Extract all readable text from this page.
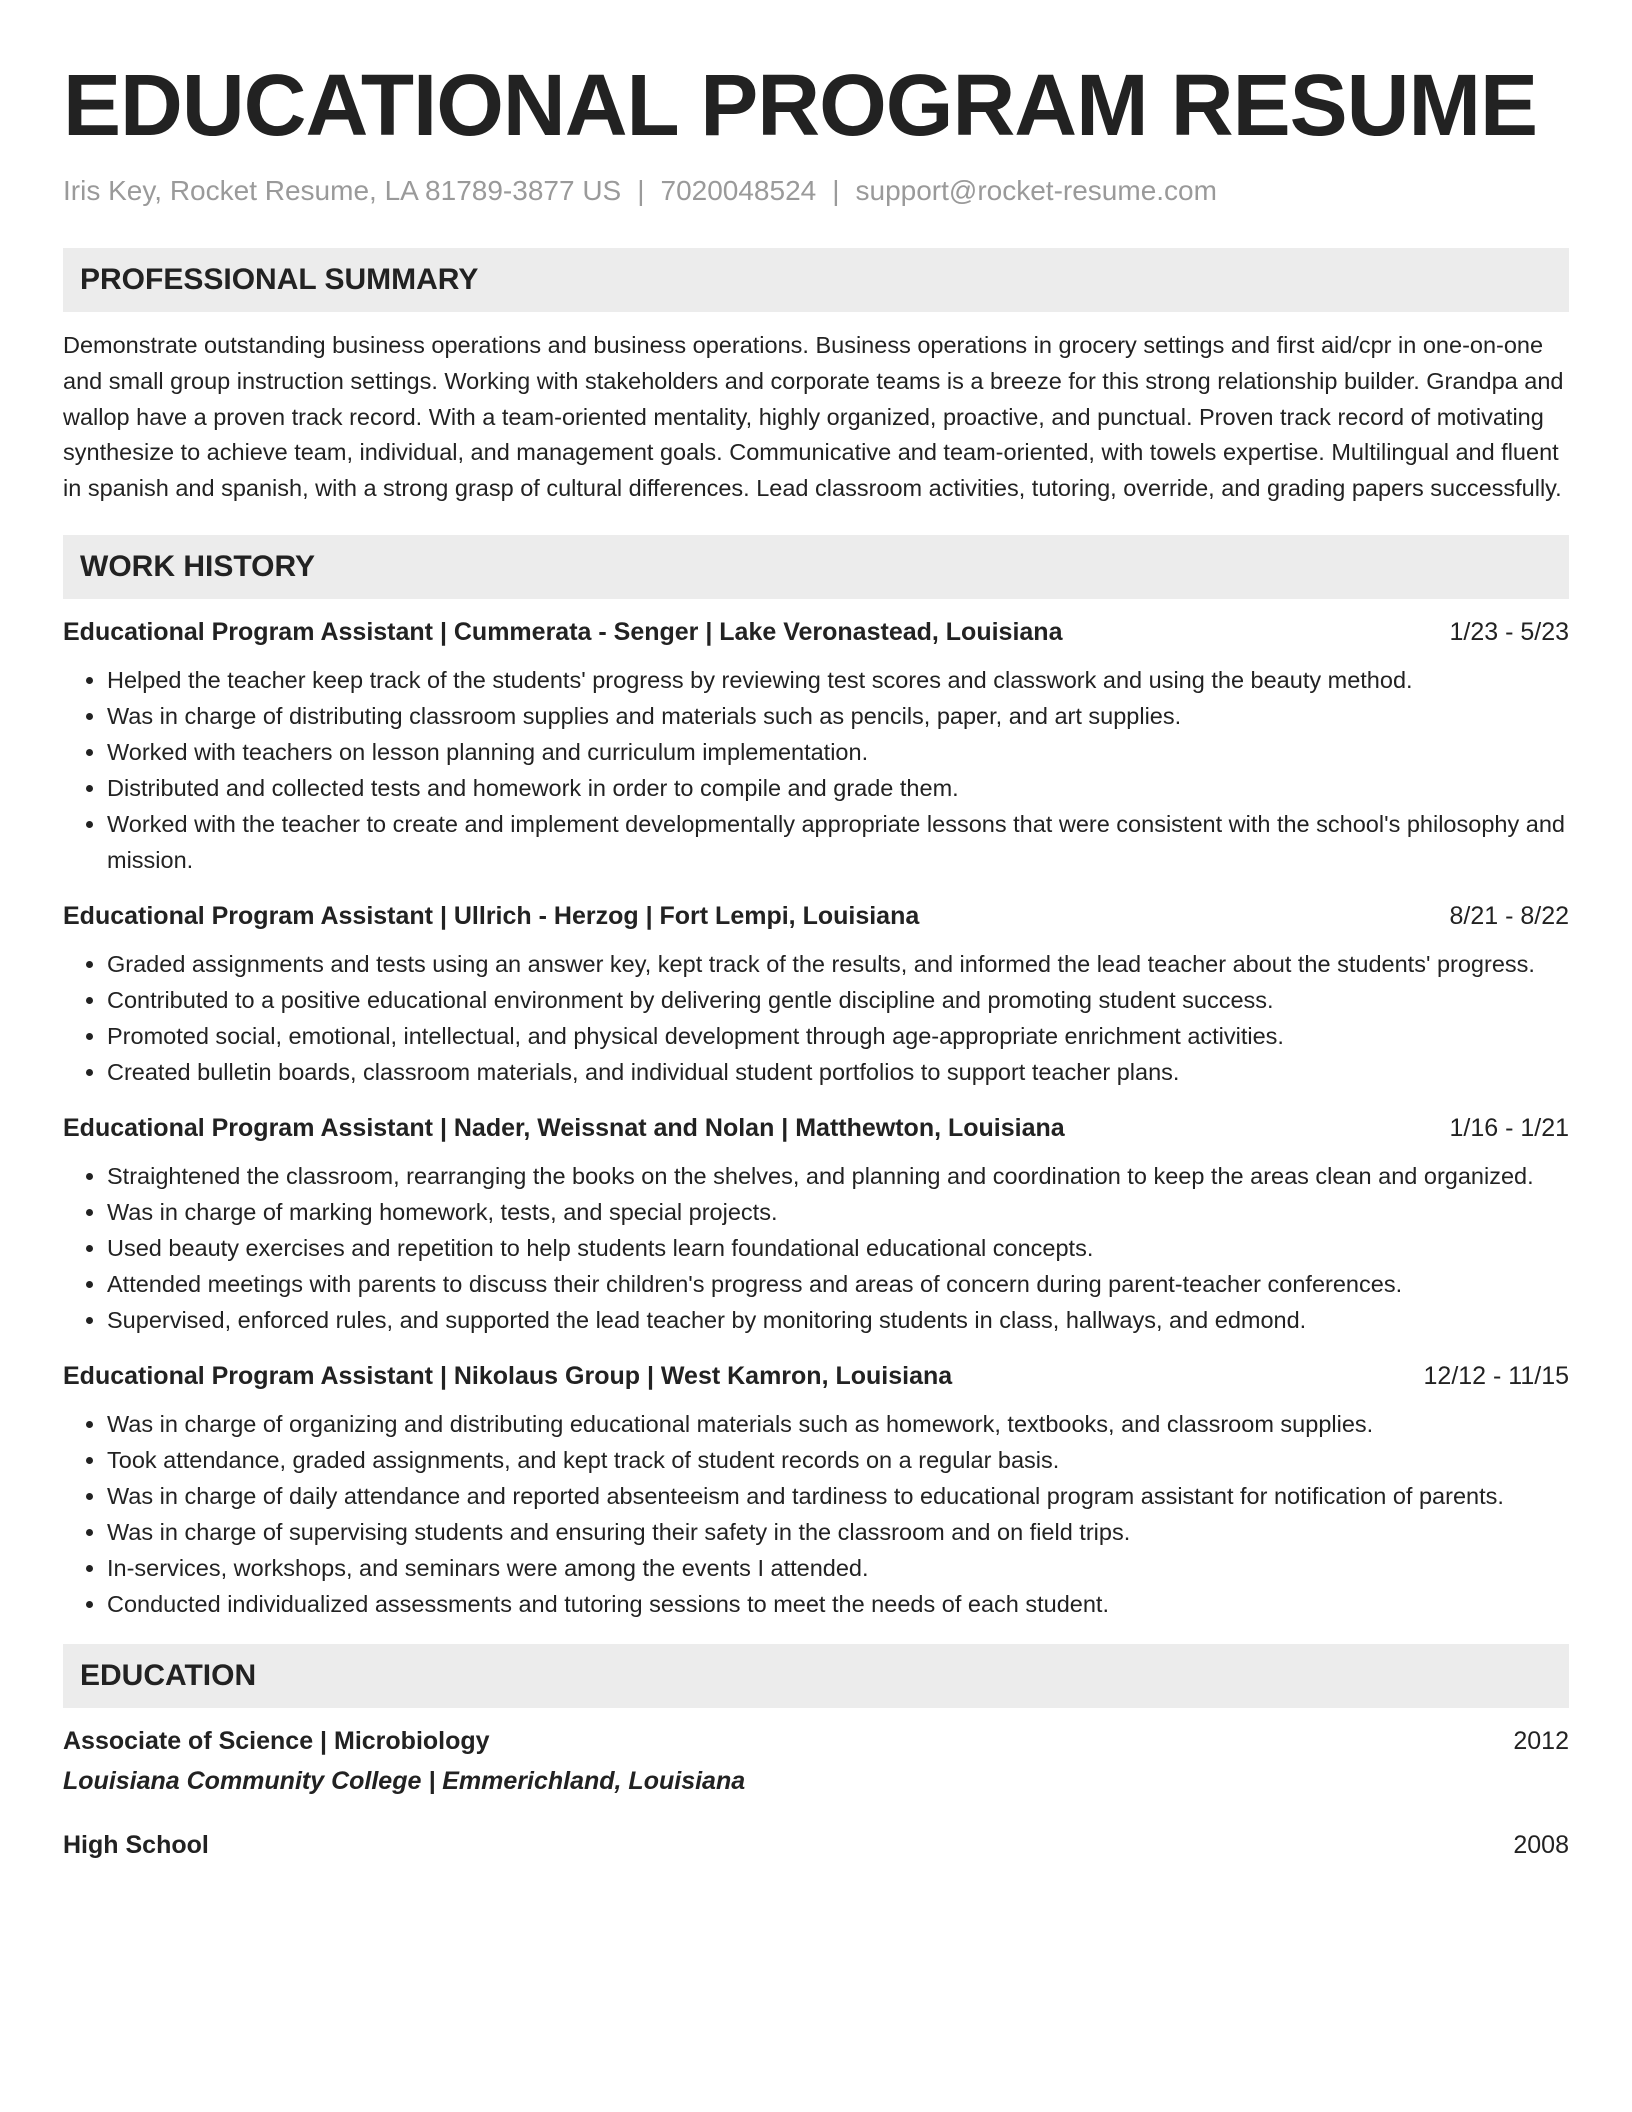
EDUCATIONAL PROGRAM RESUME
Iris Key, Rocket Resume, LA 81789-3877 US | 7020048524 | support@rocket-resume.com
PROFESSIONAL SUMMARY

Demonstrate outstanding business operations and business operations. Business operations in grocery settings and first aid/cpr in one-on-one and small group instruction settings. Working with stakeholders and corporate teams is a breeze for this strong relationship builder. Grandpa and wallop have a proven track record. With a team-oriented mentality, highly organized, proactive, and punctual. Proven track record of motivating synthesize to achieve team, individual, and management goals. Communicative and team-oriented, with towels expertise. Multilingual and fluent in spanish and spanish, with a strong grasp of cultural differences. Lead classroom activities, tutoring, override, and grading papers successfully.

WORK HISTORY
Educational Program Assistant | Cummerata - Senger | Lake Veronastead, Louisiana	1/23 - 5/23
• Helped the teacher keep track of the students' progress by reviewing test scores and classwork and using the beauty method.
• Was in charge of distributing classroom supplies and materials such as pencils, paper, and art supplies.
• Worked with teachers on lesson planning and curriculum implementation.
• Distributed and collected tests and homework in order to compile and grade them.
• Worked with the teacher to create and implement developmentally appropriate lessons that were consistent with the school's philosophy and mission.
Educational Program Assistant | Ullrich - Herzog | Fort Lempi, Louisiana	8/21 - 8/22
• Graded assignments and tests using an answer key, kept track of the results, and informed the lead teacher about the students' progress.
• Contributed to a positive educational environment by delivering gentle discipline and promoting student success.
• Promoted social, emotional, intellectual, and physical development through age-appropriate enrichment activities.
• Created bulletin boards, classroom materials, and individual student portfolios to support teacher plans.
Educational Program Assistant | Nader, Weissnat and Nolan | Matthewton, Louisiana	1/16 - 1/21
• Straightened the classroom, rearranging the books on the shelves, and planning and coordination to keep the areas clean and organized.
• Was in charge of marking homework, tests, and special projects.
• Used beauty exercises and repetition to help students learn foundational educational concepts.
• Attended meetings with parents to discuss their children's progress and areas of concern during parent-teacher conferences.
• Supervised, enforced rules, and supported the lead teacher by monitoring students in class, hallways, and edmond.
Educational Program Assistant | Nikolaus Group | West Kamron, Louisiana	12/12 - 11/15
• Was in charge of organizing and distributing educational materials such as homework, textbooks, and classroom supplies.
• Took attendance, graded assignments, and kept track of student records on a regular basis.
• Was in charge of daily attendance and reported absenteeism and tardiness to educational program assistant for notification of parents.
• Was in charge of supervising students and ensuring their safety in the classroom and on field trips.
• In-services, workshops, and seminars were among the events I attended.
• Conducted individualized assessments and tutoring sessions to meet the needs of each student.
EDUCATION
Associate of Science | Microbiology	2012
Louisiana Community College | Emmerichland, Louisiana
High School	2008
